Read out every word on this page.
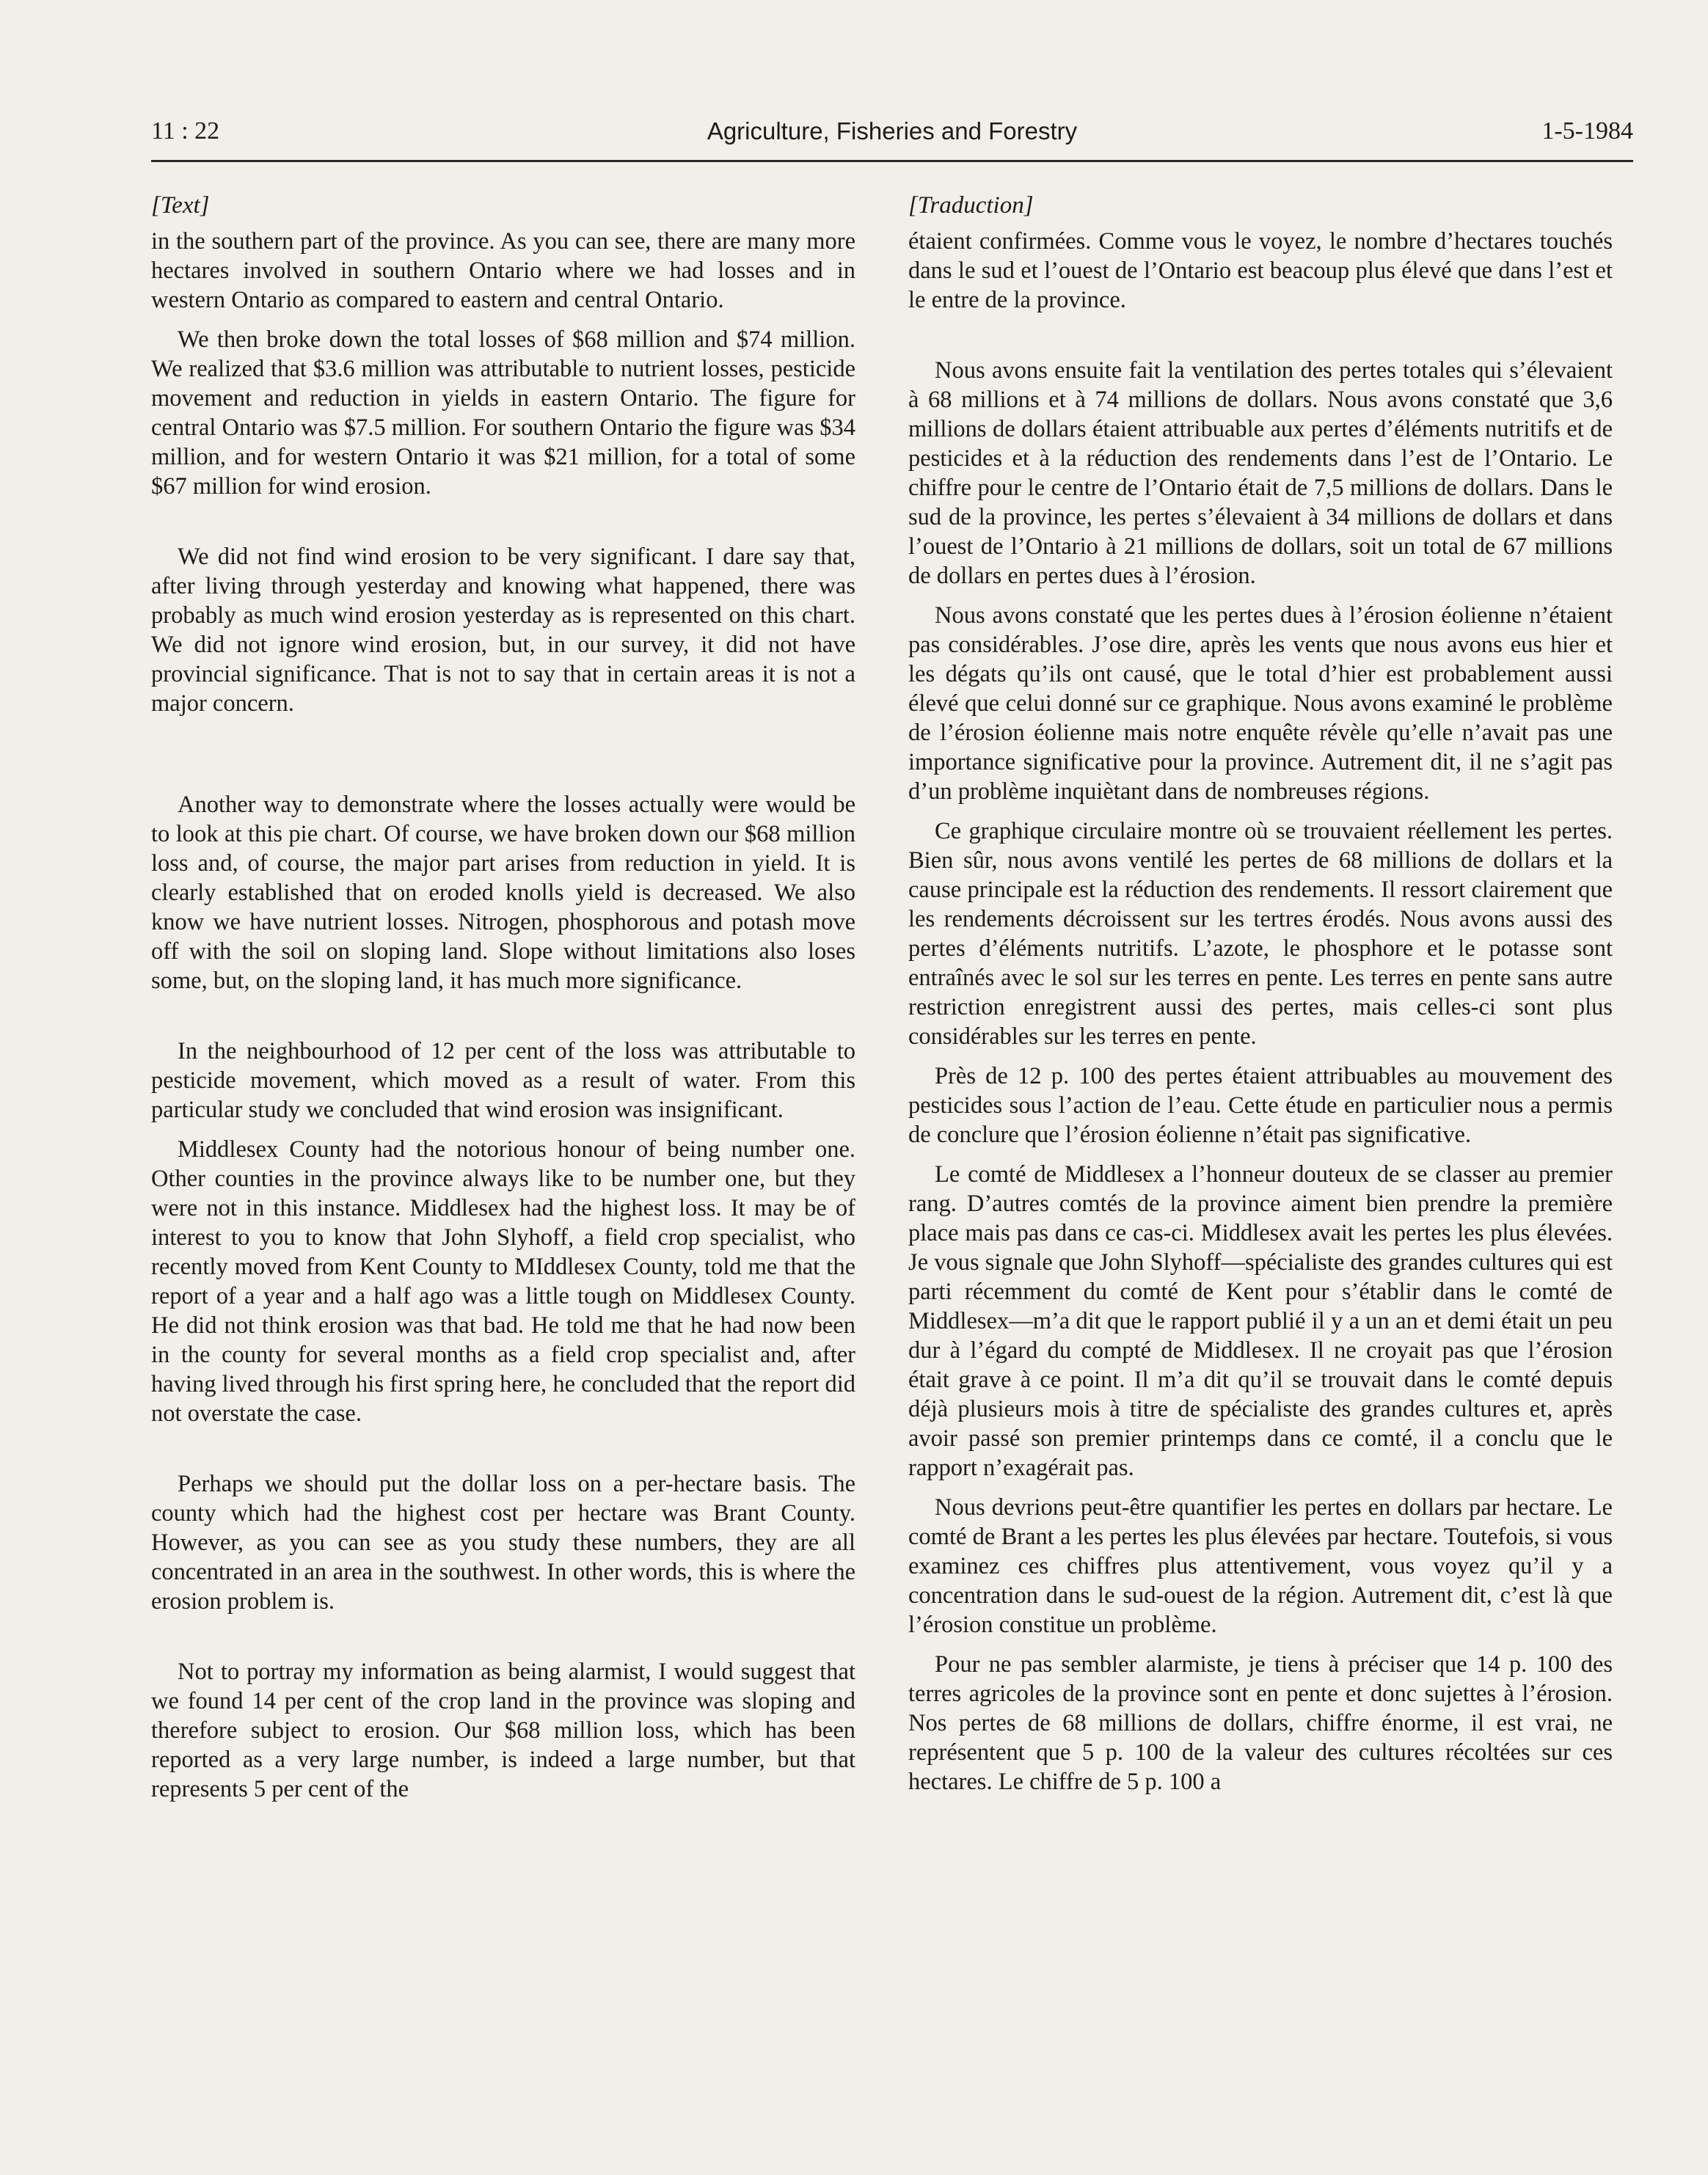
11 : 22	Agriculture, Fisheries and Forestry	1-5-1984
[Text]

in the southern part of the province. As you can see, there are many more hectares involved in southern Ontario where we had losses and in western Ontario as compared to eastern and central Ontario.

We then broke down the total losses of $68 million and $74 million. We realized that $3.6 million was attributable to nutrient losses, pesticide movement and reduction in yields in eastern Ontario. The figure for central Ontario was $7.5 million. For southern Ontario the figure was $34 million, and for western Ontario it was $21 million, for a total of some $67 million for wind erosion.

We did not find wind erosion to be very significant. I dare say that, after living through yesterday and knowing what happened, there was probably as much wind erosion yesterday as is represented on this chart. We did not ignore wind erosion, but, in our survey, it did not have provincial significance. That is not to say that in certain areas it is not a major concern.

Another way to demonstrate where the losses actually were would be to look at this pie chart. Of course, we have broken down our $68 million loss and, of course, the major part arises from reduction in yield. It is clearly established that on eroded knolls yield is decreased. We also know we have nutrient losses. Nitrogen, phosphorous and potash move off with the soil on sloping land. Slope without limitations also loses some, but, on the sloping land, it has much more significance.

In the neighbourhood of 12 per cent of the loss was attributable to pesticide movement, which moved as a result of water. From this particular study we concluded that wind erosion was insignificant.

Middlesex County had the notorious honour of being number one. Other counties in the province always like to be number one, but they were not in this instance. Middlesex had the highest loss. It may be of interest to you to know that John Slyhoff, a field crop specialist, who recently moved from Kent County to MIddlesex County, told me that the report of a year and a half ago was a little tough on Middlesex County. He did not think erosion was that bad. He told me that he had now been in the county for several months as a field crop specialist and, after having lived through his first spring here, he concluded that the report did not overstate the case.

Perhaps we should put the dollar loss on a per-hectare basis. The county which had the highest cost per hectare was Brant County. However, as you can see as you study these numbers, they are all concentrated in an area in the southwest. In other words, this is where the erosion problem is.

Not to portray my information as being alarmist, I would suggest that we found 14 per cent of the crop land in the province was sloping and therefore subject to erosion. Our $68 million loss, which has been reported as a very large number, is indeed a large number, but that represents 5 per cent of the

[Traduction]

étaient confirmées. Comme vous le voyez, le nombre d’hectares touchés dans le sud et l’ouest de l’Ontario est beacoup plus élevé que dans l’est et le entre de la province.

Nous avons ensuite fait la ventilation des pertes totales qui s’élevaient à 68 millions et à 74 millions de dollars. Nous avons constaté que 3,6 millions de dollars étaient attribuable aux pertes d’éléments nutritifs et de pesticides et à la réduction des rendements dans l’est de l’Ontario. Le chiffre pour le centre de l’Ontario était de 7,5 millions de dollars. Dans le sud de la province, les pertes s’élevaient à 34 millions de dollars et dans l’ouest de l’Ontario à 21 millions de dollars, soit un total de 67 millions de dollars en pertes dues à l’érosion.

Nous avons constaté que les pertes dues à l’érosion éolienne n’étaient pas considérables. J’ose dire, après les vents que nous avons eus hier et les dégats qu’ils ont causé, que le total d’hier est probablement aussi élevé que celui donné sur ce graphique. Nous avons examiné le problème de l’érosion éolienne mais notre enquête révèle qu’elle n’avait pas une importance significative pour la province. Autrement dit, il ne s’agit pas d’un problème inquiètant dans de nombreuses régions.

Ce graphique circulaire montre où se trouvaient réellement les pertes. Bien sûr, nous avons ventilé les pertes de 68 millions de dollars et la cause principale est la réduction des rendements. Il ressort clairement que les rendements décroissent sur les tertres érodés. Nous avons aussi des pertes d’éléments nutritifs. L’azote, le phosphore et le potasse sont entraînés avec le sol sur les terres en pente. Les terres en pente sans autre restriction enregistrent aussi des pertes, mais celles-ci sont plus considérables sur les terres en pente.

Près de 12 p. 100 des pertes étaient attribuables au mouvement des pesticides sous l’action de l’eau. Cette étude en particulier nous a permis de conclure que l’érosion éolienne n’était pas significative.

Le comté de Middlesex a l’honneur douteux de se classer au premier rang. D’autres comtés de la province aiment bien prendre la première place mais pas dans ce cas-ci. Middlesex avait les pertes les plus élevées. Je vous signale que John Slyhoff—spécialiste des grandes cultures qui est parti récemment du comté de Kent pour s’établir dans le comté de Middlesex—m’a dit que le rapport publié il y a un an et demi était un peu dur à l’égard du compté de Middlesex. Il ne croyait pas que l’érosion était grave à ce point. Il m’a dit qu’il se trouvait dans le comté depuis déjà plusieurs mois à titre de spécialiste des grandes cultures et, après avoir passé son premier printemps dans ce comté, il a conclu que le rapport n’exagérait pas.

Nous devrions peut-être quantifier les pertes en dollars par hectare. Le comté de Brant a les pertes les plus élevées par hectare. Toutefois, si vous examinez ces chiffres plus attentivement, vous voyez qu’il y a concentration dans le sud-ouest de la région. Autrement dit, c’est là que l’érosion constitue un problème.

Pour ne pas sembler alarmiste, je tiens à préciser que 14 p. 100 des terres agricoles de la province sont en pente et donc sujettes à l’érosion. Nos pertes de 68 millions de dollars, chiffre énorme, il est vrai, ne représentent que 5 p. 100 de la valeur des cultures récoltées sur ces hectares. Le chiffre de 5 p. 100 a
